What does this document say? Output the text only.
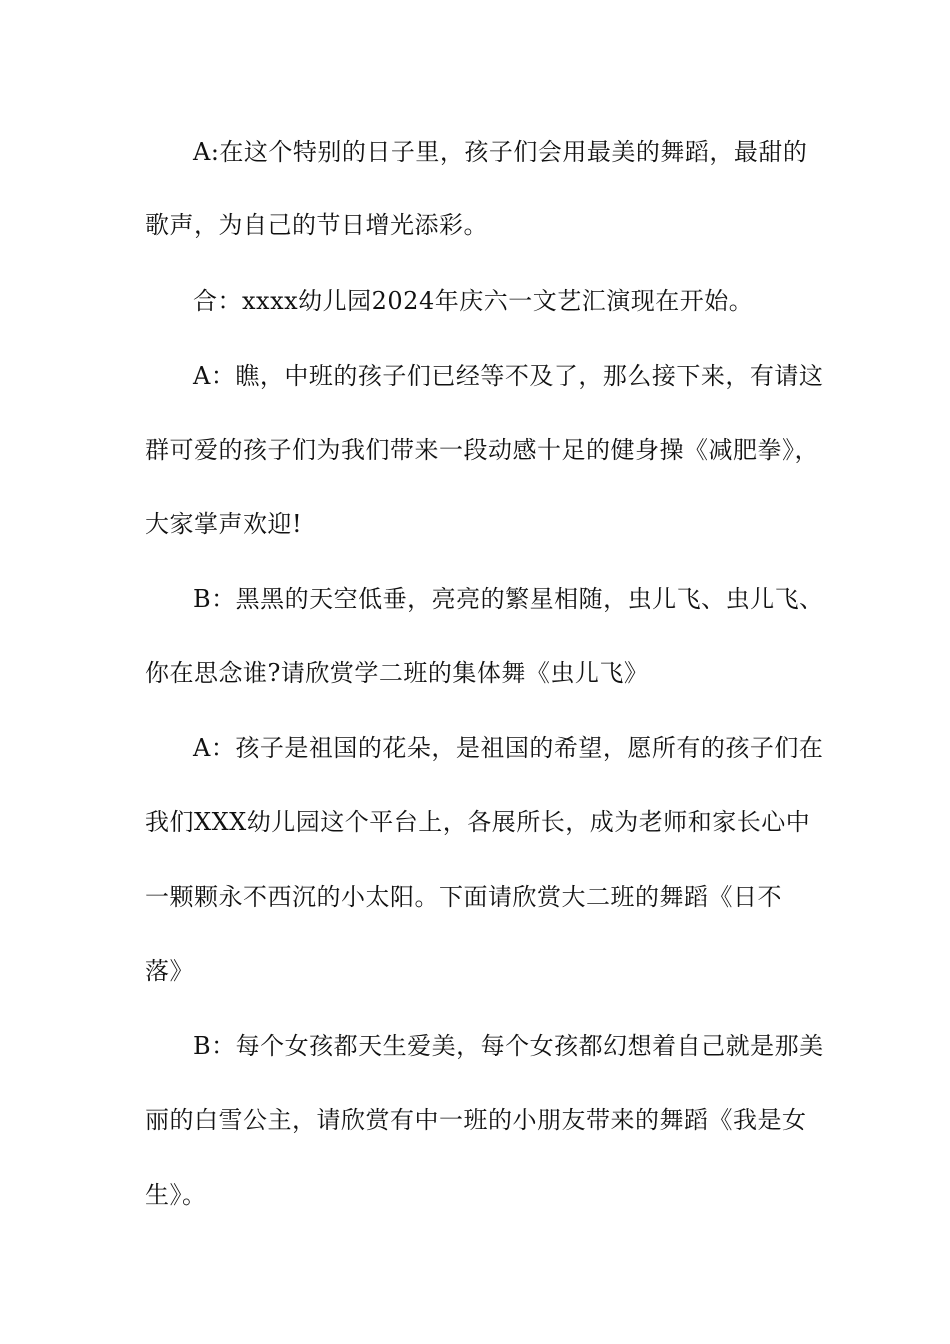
A:在这个特别的日子里，孩子们会用最美的舞蹈，最甜的
歌声，为自己的节日增光添彩。
合：xxxx幼儿园2024年庆六一文艺汇演现在开始。
A：瞧，中班的孩子们已经等不及了，那么接下来，有请这
群可爱的孩子们为我们带来一段动感十足的健身操《减肥拳》，
大家掌声欢迎!
B：黑黑的天空低垂，亮亮的繁星相随，虫儿飞、虫儿飞、
你在思念谁?请欣赏学二班的集体舞《虫儿飞》
A：孩子是祖国的花朵，是祖国的希望，愿所有的孩子们在
我们XXX幼儿园这个平台上，各展所长，成为老师和家长心中
一颗颗永不西沉的小太阳。下面请欣赏大二班的舞蹈《日不
落》
B：每个女孩都天生爱美，每个女孩都幻想着自己就是那美
丽的白雪公主，请欣赏有中一班的小朋友带来的舞蹈《我是女
生》。
